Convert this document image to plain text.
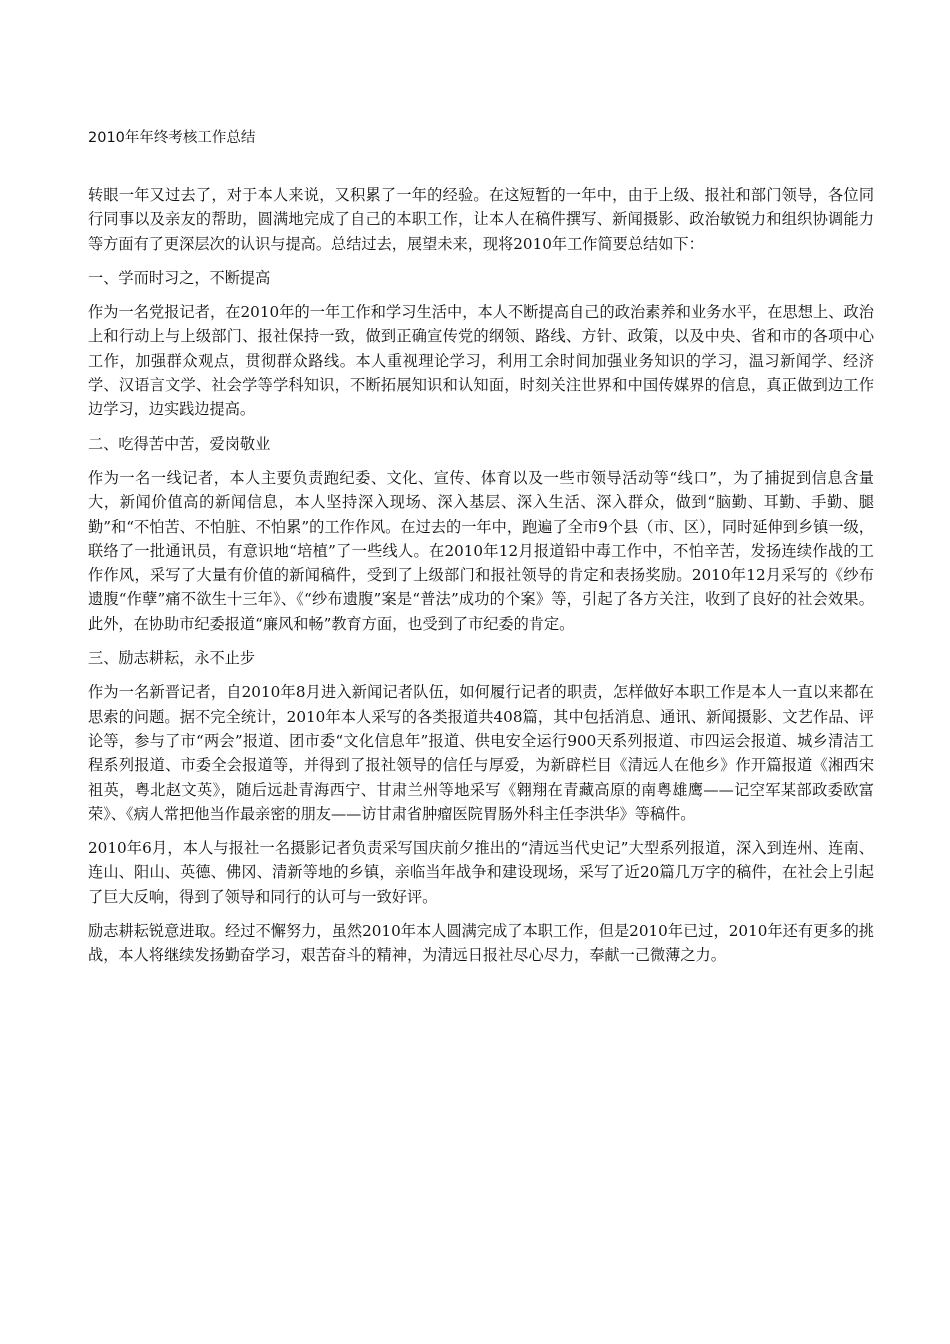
2010年年终考核工作总结

转眼一年又过去了，对于本人来说，又积累了一年的经验。在这短暂的一年中，由于上级、报社和部门领导，各位同行同事以及亲友的帮助，圆满地完成了自己的本职工作，让本人在稿件撰写、新闻摄影、政治敏锐力和组织协调能力等方面有了更深层次的认识与提高。总结过去，展望未来，现将2010年工作简要总结如下：

一、学而时习之，不断提高

作为一名党报记者，在2010年的一年工作和学习生活中，本人不断提高自己的政治素养和业务水平，在思想上、政治上和行动上与上级部门、报社保持一致，做到正确宣传党的纲领、路线、方针、政策，以及中央、省和市的各项中心工作，加强群众观点，贯彻群众路线。本人重视理论学习，利用工余时间加强业务知识的学习，温习新闻学、经济学、汉语言文学、社会学等学科知识，不断拓展知识和认知面，时刻关注世界和中国传媒界的信息，真正做到边工作边学习，边实践边提高。

二、吃得苦中苦，爱岗敬业

作为一名一线记者，本人主要负责跑纪委、文化、宣传、体育以及一些市领导活动等“线口”，为了捕捉到信息含量大，新闻价值高的新闻信息，本人坚持深入现场、深入基层、深入生活、深入群众，做到“脑勤、耳勤、手勤、腿勤”和“不怕苦、不怕脏、不怕累”的工作作风。在过去的一年中，跑遍了全市9个县（市、区），同时延伸到乡镇一级，联络了一批通讯员，有意识地“培植”了一些线人。在2010年12月报道铅中毒工作中，不怕辛苦，发扬连续作战的工作作风，采写了大量有价值的新闻稿件，受到了上级部门和报社领导的肯定和表扬奖励。2010年12月采写的《纱布遗腹“作孽”痛不欲生十三年》、《“纱布遗腹”案是“普法”成功的个案》等，引起了各方关注，收到了良好的社会效果。此外，在协助市纪委报道“廉风和畅”教育方面，也受到了市纪委的肯定。

三、励志耕耘，永不止步

作为一名新晋记者，自2010年8月进入新闻记者队伍，如何履行记者的职责，怎样做好本职工作是本人一直以来都在思索的问题。据不完全统计，2010年本人采写的各类报道共408篇，其中包括消息、通讯、新闻摄影、文艺作品、评论等，参与了市“两会”报道、团市委“文化信息年”报道、供电安全运行900天系列报道、市四运会报道、城乡清洁工程系列报道、市委全会报道等，并得到了报社领导的信任与厚爱，为新辟栏目《清远人在他乡》作开篇报道《湘西宋祖英，粤北赵文英》，随后远赴青海西宁、甘肃兰州等地采写《翱翔在青藏高原的南粤雄鹰——记空军某部政委欧富荣》、《病人常把他当作最亲密的朋友——访甘肃省肿瘤医院胃肠外科主任李洪华》等稿件。

2010年6月，本人与报社一名摄影记者负责采写国庆前夕推出的“清远当代史记”大型系列报道，深入到连州、连南、连山、阳山、英德、佛冈、清新等地的乡镇，亲临当年战争和建设现场，采写了近20篇几万字的稿件，在社会上引起了巨大反响，得到了领导和同行的认可与一致好评。

励志耕耘锐意进取。经过不懈努力，虽然2010年本人圆满完成了本职工作，但是2010年已过，2010年还有更多的挑战，本人将继续发扬勤奋学习，艰苦奋斗的精神，为清远日报社尽心尽力，奉献一己微薄之力。
